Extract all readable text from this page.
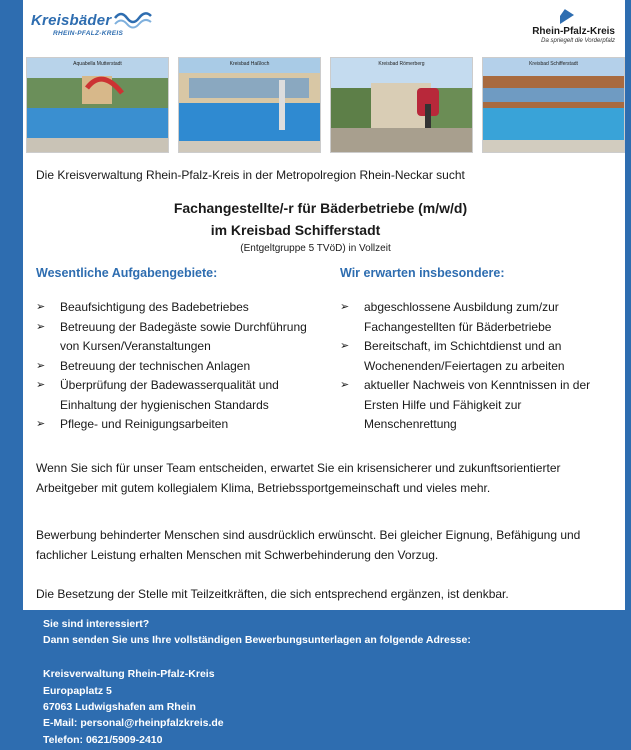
Kreisbäder
RHEIN-PFALZ-KREIS	Rhein-Pfalz-Kreis
Da spriegelt die Vorderpfalz
Aquabella Mutterstadt	Kreisbad Haßloch	Kreisbad Römerberg	Kreisbad Schifferstadt
Die Kreisverwaltung Rhein-Pfalz-Kreis in der Metropolregion Rhein-Neckar sucht
Fachangestellte/-r für Bäderbetriebe (m/w/d)
im Kreisbad Schifferstadt
(Entgeltgruppe 5 TVöD) in Vollzeit
Wesentliche Aufgabengebiete:
➢ Beaufsichtigung des Badebetriebes
➢ Betreuung der Badegäste sowie Durchführung von Kursen/Veranstaltungen
➢ Betreuung der technischen Anlagen
➢ Überprüfung der Badewasserqualität und Einhaltung der hygienischen Standards
➢ Pflege- und Reinigungsarbeiten
Wir erwarten insbesondere:
➢ abgeschlossene Ausbildung zum/zur Fachangestellten für Bäderbetriebe
➢ Bereitschaft, im Schichtdienst und an Wochenenden/Feiertagen zu arbeiten
➢ aktueller Nachweis von Kenntnissen in der Ersten Hilfe und Fähigkeit zur Menschenrettung
Wenn Sie sich für unser Team entscheiden, erwartet Sie ein krisensicherer und zukunftsorientierter Arbeitgeber mit gutem kollegialem Klima, Betriebssportgemeinschaft und vieles mehr.
Bewerbung behinderter Menschen sind ausdrücklich erwünscht. Bei gleicher Eignung, Befähigung und fachlicher Leistung erhalten Menschen mit Schwerbehinderung den Vorzug.
Die Besetzung der Stelle mit Teilzeitkräften, die sich entsprechend ergänzen, ist denkbar.
Sie sind interessiert?
Dann senden Sie uns Ihre vollständigen Bewerbungsunterlagen an folgende Adresse:
Kreisverwaltung Rhein-Pfalz-Kreis
Europaplatz 5
67063 Ludwigshafen am Rhein
E-Mail: personal@rheinpfalzkreis.de
Telefon: 0621/5909-2410
